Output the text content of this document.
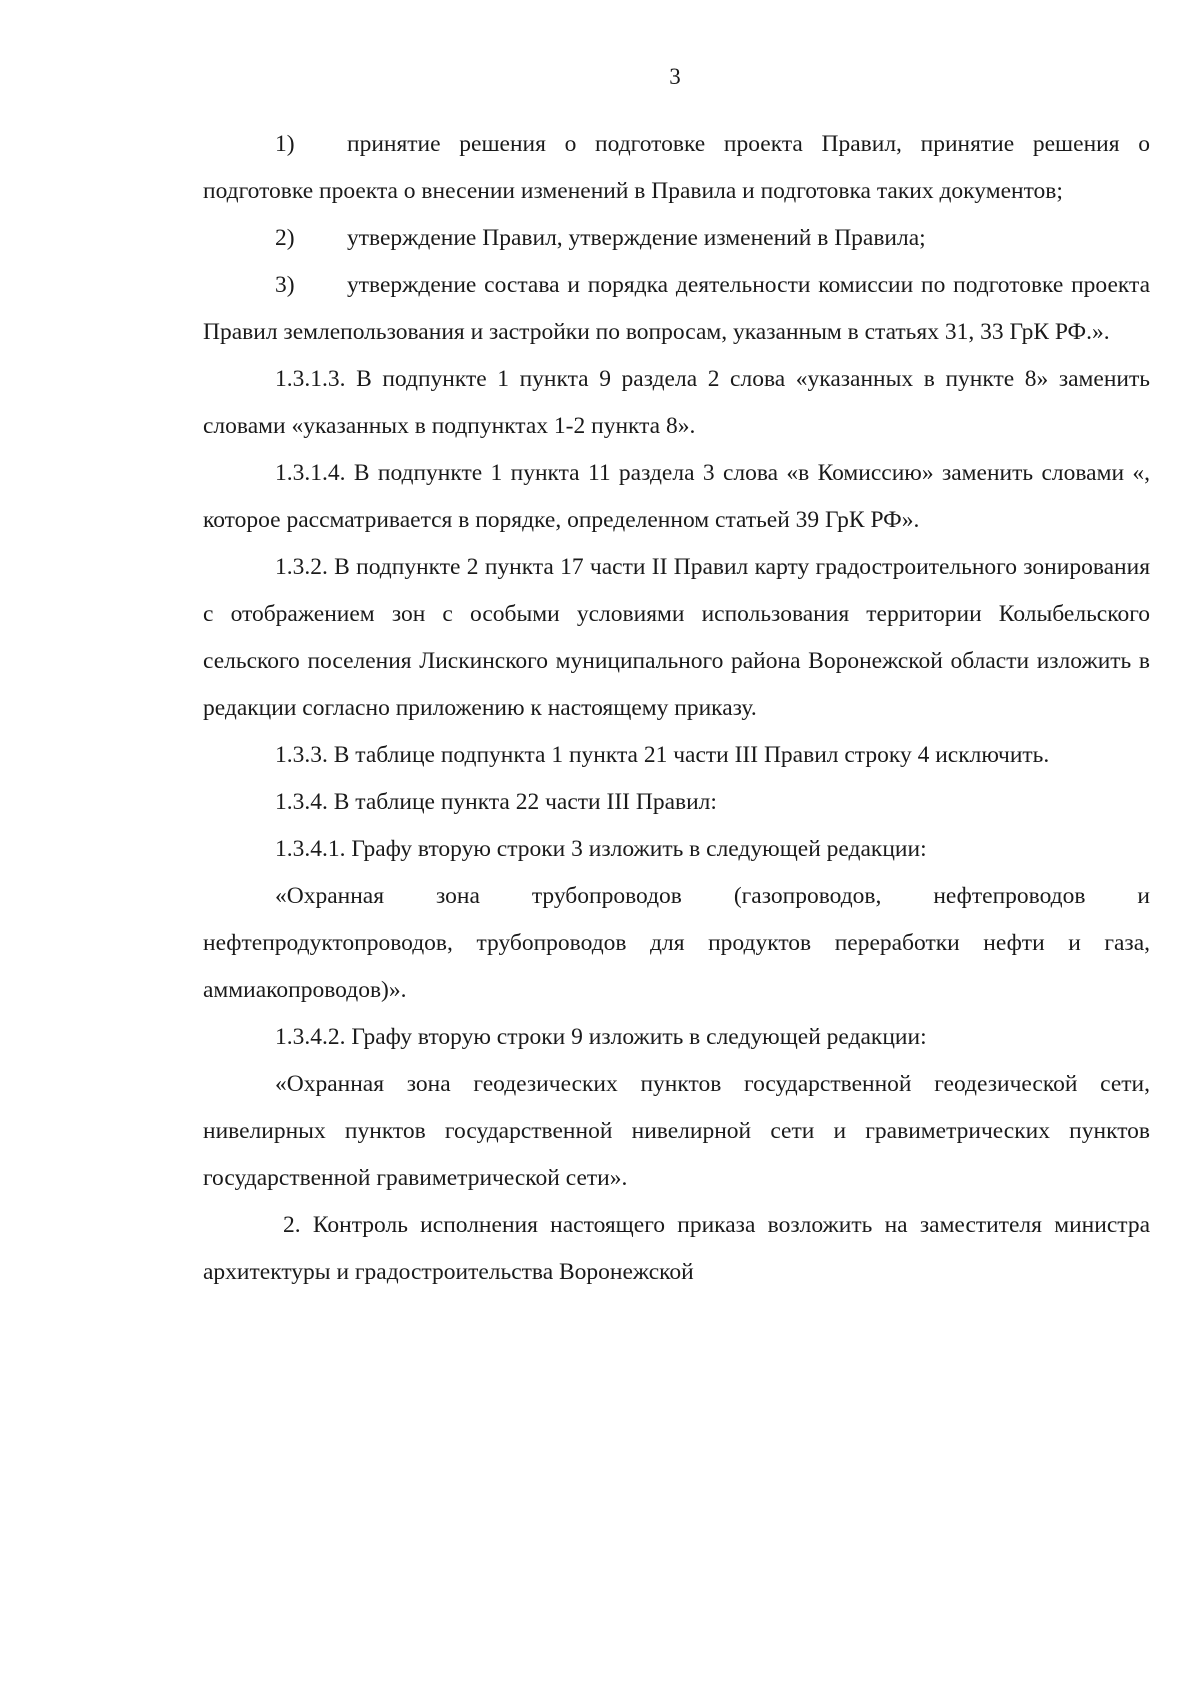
3

1) принятие решения о подготовке проекта Правил, принятие решения о подготовке проекта о внесении изменений в Правила и подготовка таких документов;

2) утверждение Правил, утверждение изменений в Правила;

3) утверждение состава и порядка деятельности комиссии по подготовке проекта Правил землепользования и застройки по вопросам, указанным в статьях 31, 33 ГрК РФ.».

1.3.1.3. В подпункте 1 пункта 9 раздела 2 слова «указанных в пункте 8» заменить словами «указанных в подпунктах 1-2 пункта 8».

1.3.1.4. В подпункте 1 пункта 11 раздела 3 слова «в Комиссию» заменить словами «, которое рассматривается в порядке, определенном статьей 39 ГрК РФ».

1.3.2. В подпункте 2 пункта 17 части II Правил карту градостроительного зонирования с отображением зон с особыми условиями использования территории Колыбельского сельского поселения Лискинского муниципального района Воронежской области изложить в редакции согласно приложению к настоящему приказу.

1.3.3. В таблице подпункта 1 пункта 21 части III Правил строку 4 исключить.

1.3.4. В таблице пункта 22 части III Правил:

1.3.4.1. Графу вторую строки 3 изложить в следующей редакции:

«Охранная зона трубопроводов (газопроводов, нефтепроводов и нефтепродуктопроводов, трубопроводов для продуктов переработки нефти и газа, аммиакопроводов)».

1.3.4.2. Графу вторую строки 9 изложить в следующей редакции:

«Охранная зона геодезических пунктов государственной геодезической сети, нивелирных пунктов государственной нивелирной сети и гравиметрических пунктов государственной гравиметрической сети».

2. Контроль исполнения настоящего приказа возложить на заместителя министра архитектуры и градостроительства Воронежской
